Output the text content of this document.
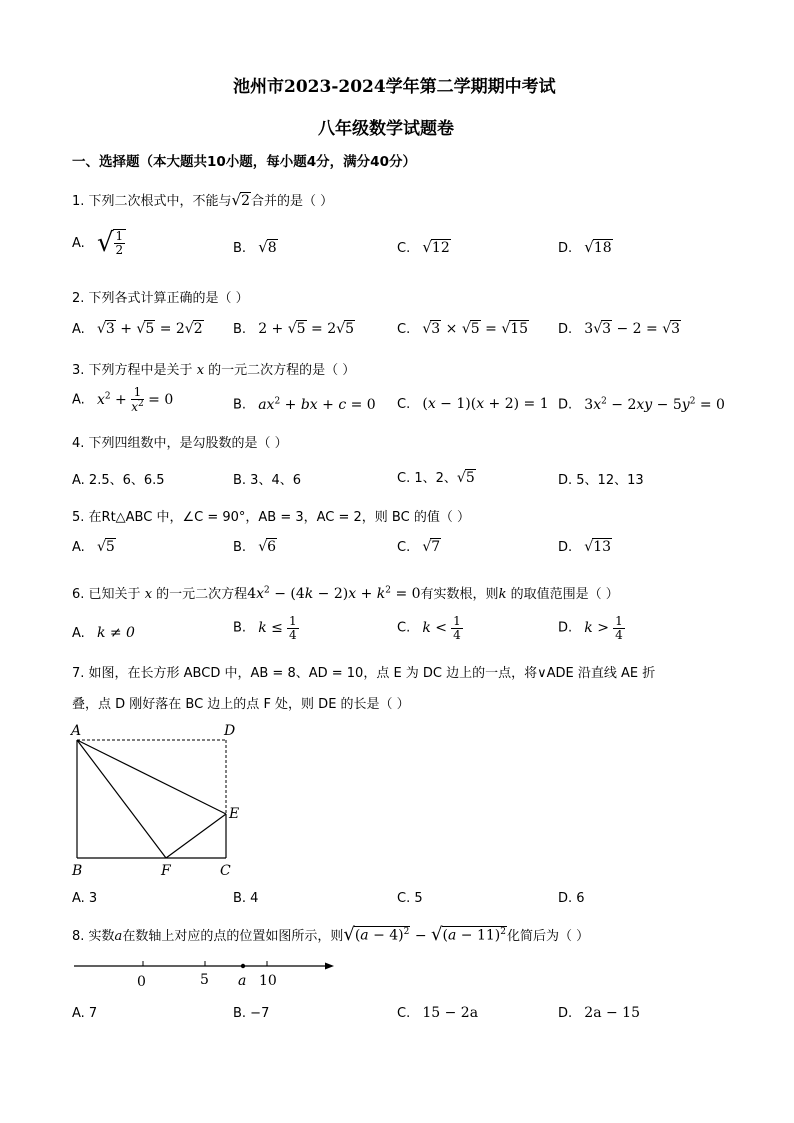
池州市2023-2024学年第二学期期中考试
八年级数学试题卷
一、选择题（本大题共10小题，每小题4分，满分40分）
1. 下列二次根式中，不能与√2合并的是（ ）
A. √ $\frac{1}{2}$	B. √8	C. √12	D. √18
2. 下列各式计算正确的是（ ）
A. √3 + √5 = 2√2 B. 2 + √5 = 2√5	C. √3 × √5 = √15 D. 3√3 − 2 = √3
3. 下列方程中是关于 x 的一元二次方程的是（ ）
A. $x^2 + \frac{1}{x^2} = 0$	B. $ax^2$ + bx + c = 0 C. (x − 1)(x + 2) = 1 D. $3x^2 - 2xy - 5y^2 = 0$
4. 下列四组数中，是勾股数的是（ ）
A. 2.5、6、6.5	B. 3、4、6	C. 1、2、√5	D. 5、12、13
5. 在Rt△ABC 中，∠C = 90°，AB = 3，AC = 2，则 BC 的值（ ）
A. √5	B. √6	C. √7	D. √13
6. 已知关于 x 的一元二次方程$4x^2 - (4k - 2)x + k^2 = 0$有实数根，则k 的取值范围是（ ）
A. k ≠ 0	B. $k \le \frac{1}{4}$	C. $k < \frac{1}{4}$	D. $k > \frac{1}{4}$
7. 如图，在长方形 ABCD 中，AB = 8、AD = 10，点 E 为 DC 边上的一点，将∨ADE 沿直线 AE 折
叠，点 D 刚好落在 BC 边上的点 F 处，则 DE 的长是（ ）
A	D
E
B	F	C
A. 3	B. 4	C. 5	D. 6
8. 实数a在数轴上对应的点的位置如图所示，则$√(a - 4)^2 - √(a - 11)^2$化简后为（ ）
0	5 a 10
A. 7	B. −7	C. 15 − 2a	D. 2a − 15
